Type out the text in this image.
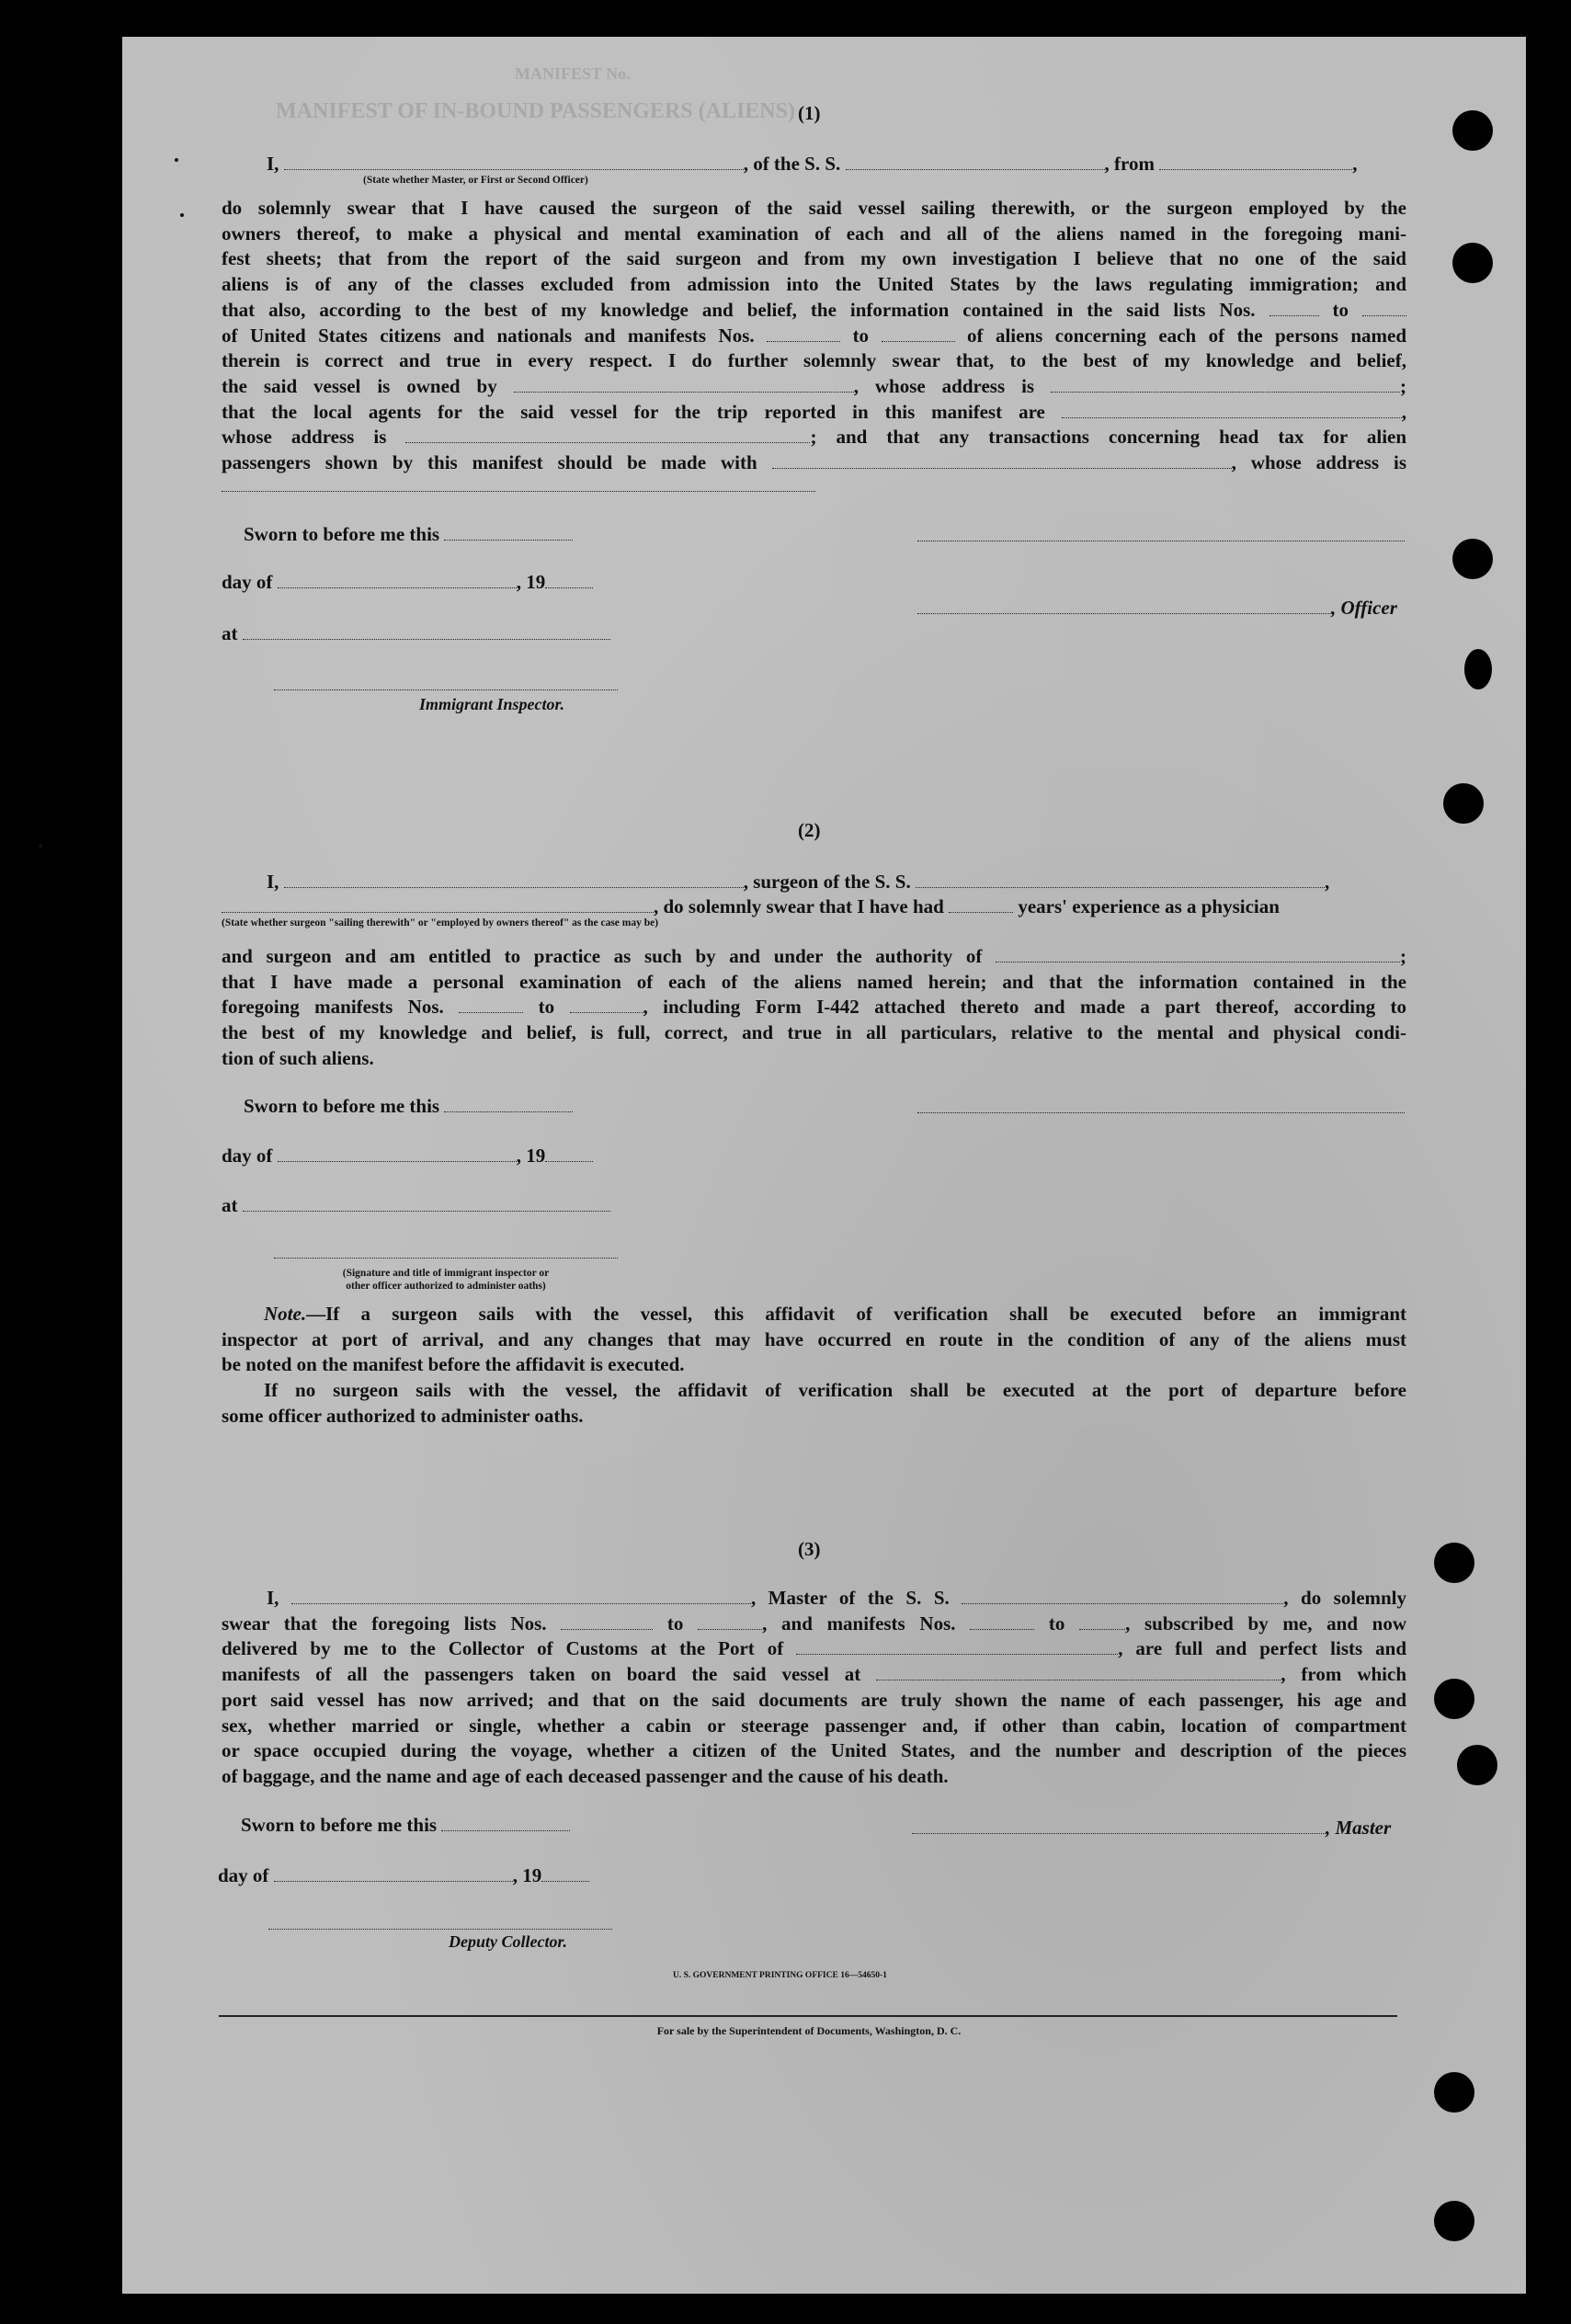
MANIFEST No.
MANIFEST OF IN-BOUND PASSENGERS (ALIENS) (1)
I,	, of the S. S.	, from	,
(State whether Master, or First or Second Officer)
do solemnly swear that I have caused the surgeon of the said vessel sailing therewith, or the surgeon employed by the
owners thereof, to make a physical and mental examination of each and all of the aliens named in the foregoing mani-
fest sheets; that from the report of the said surgeon and from my own investigation I believe that no one of the said
aliens is of any of the classes excluded from admission into the United States by the laws regulating immigration; and
that also, according to the best of my knowledge and belief, the information contained in the said lists Nos.	to
of United States citizens and nationals and manifests Nos.	to	of aliens concerning each of the persons named
therein is correct and true in every respect. I do further solemnly swear that, to the best of my knowledge and belief,
the said vessel is owned by	, whose address is	;
that the local agents for the said vessel for the trip reported in this manifest are	,
whose address is	; and that any transactions concerning head tax for alien
passengers shown by this manifest should be made with	, whose address is
Sworn to before me this
day of	, 19
, Officer
at
Immigrant Inspector.
(2)
I,	, surgeon of the S. S.	,
, do solemnly swear that I have had	years' experience as a physician
(State whether surgeon "sailing therewith" or "employed by owners thereof" as the case may be)
and surgeon and am entitled to practice as such by and under the authority of	;
that I have made a personal examination of each of the aliens named herein; and that the information contained in the
foregoing manifests Nos.	to	, including Form I-442 attached thereto and made a part thereof, according to
the best of my knowledge and belief, is full, correct, and true in all particulars, relative to the mental and physical condi-
tion of such aliens.
Sworn to before me this
day of	, 19
at
(Signature and title of immigrant inspector or
other officer authorized to administer oaths)
Note.—If a surgeon sails with the vessel, this affidavit of verification shall be executed before an immigrant
inspector at port of arrival, and any changes that may have occurred en route in the condition of any of the aliens must
be noted on the manifest before the affidavit is executed.
If no surgeon sails with the vessel, the affidavit of verification shall be executed at the port of departure before
some officer authorized to administer oaths.
(3)
I,	, Master of the S. S.	, do solemnly
swear that the foregoing lists Nos.	to	, and manifests Nos.	to	, subscribed by me, and now
delivered by me to the Collector of Customs at the Port of	, are full and perfect lists and
manifests of all the passengers taken on board the said vessel at	, from which
port said vessel has now arrived; and that on the said documents are truly shown the name of each passenger, his age and
sex, whether married or single, whether a cabin or steerage passenger and, if other than cabin, location of compartment
or space occupied during the voyage, whether a citizen of the United States, and the number and description of the pieces
of baggage, and the name and age of each deceased passenger and the cause of his death.
Sworn to before me this	, Master
day of	, 19
Deputy Collector.
U. S. GOVERNMENT PRINTING OFFICE 16—54650-1
For sale by the Superintendent of Documents, Washington, D. C.
